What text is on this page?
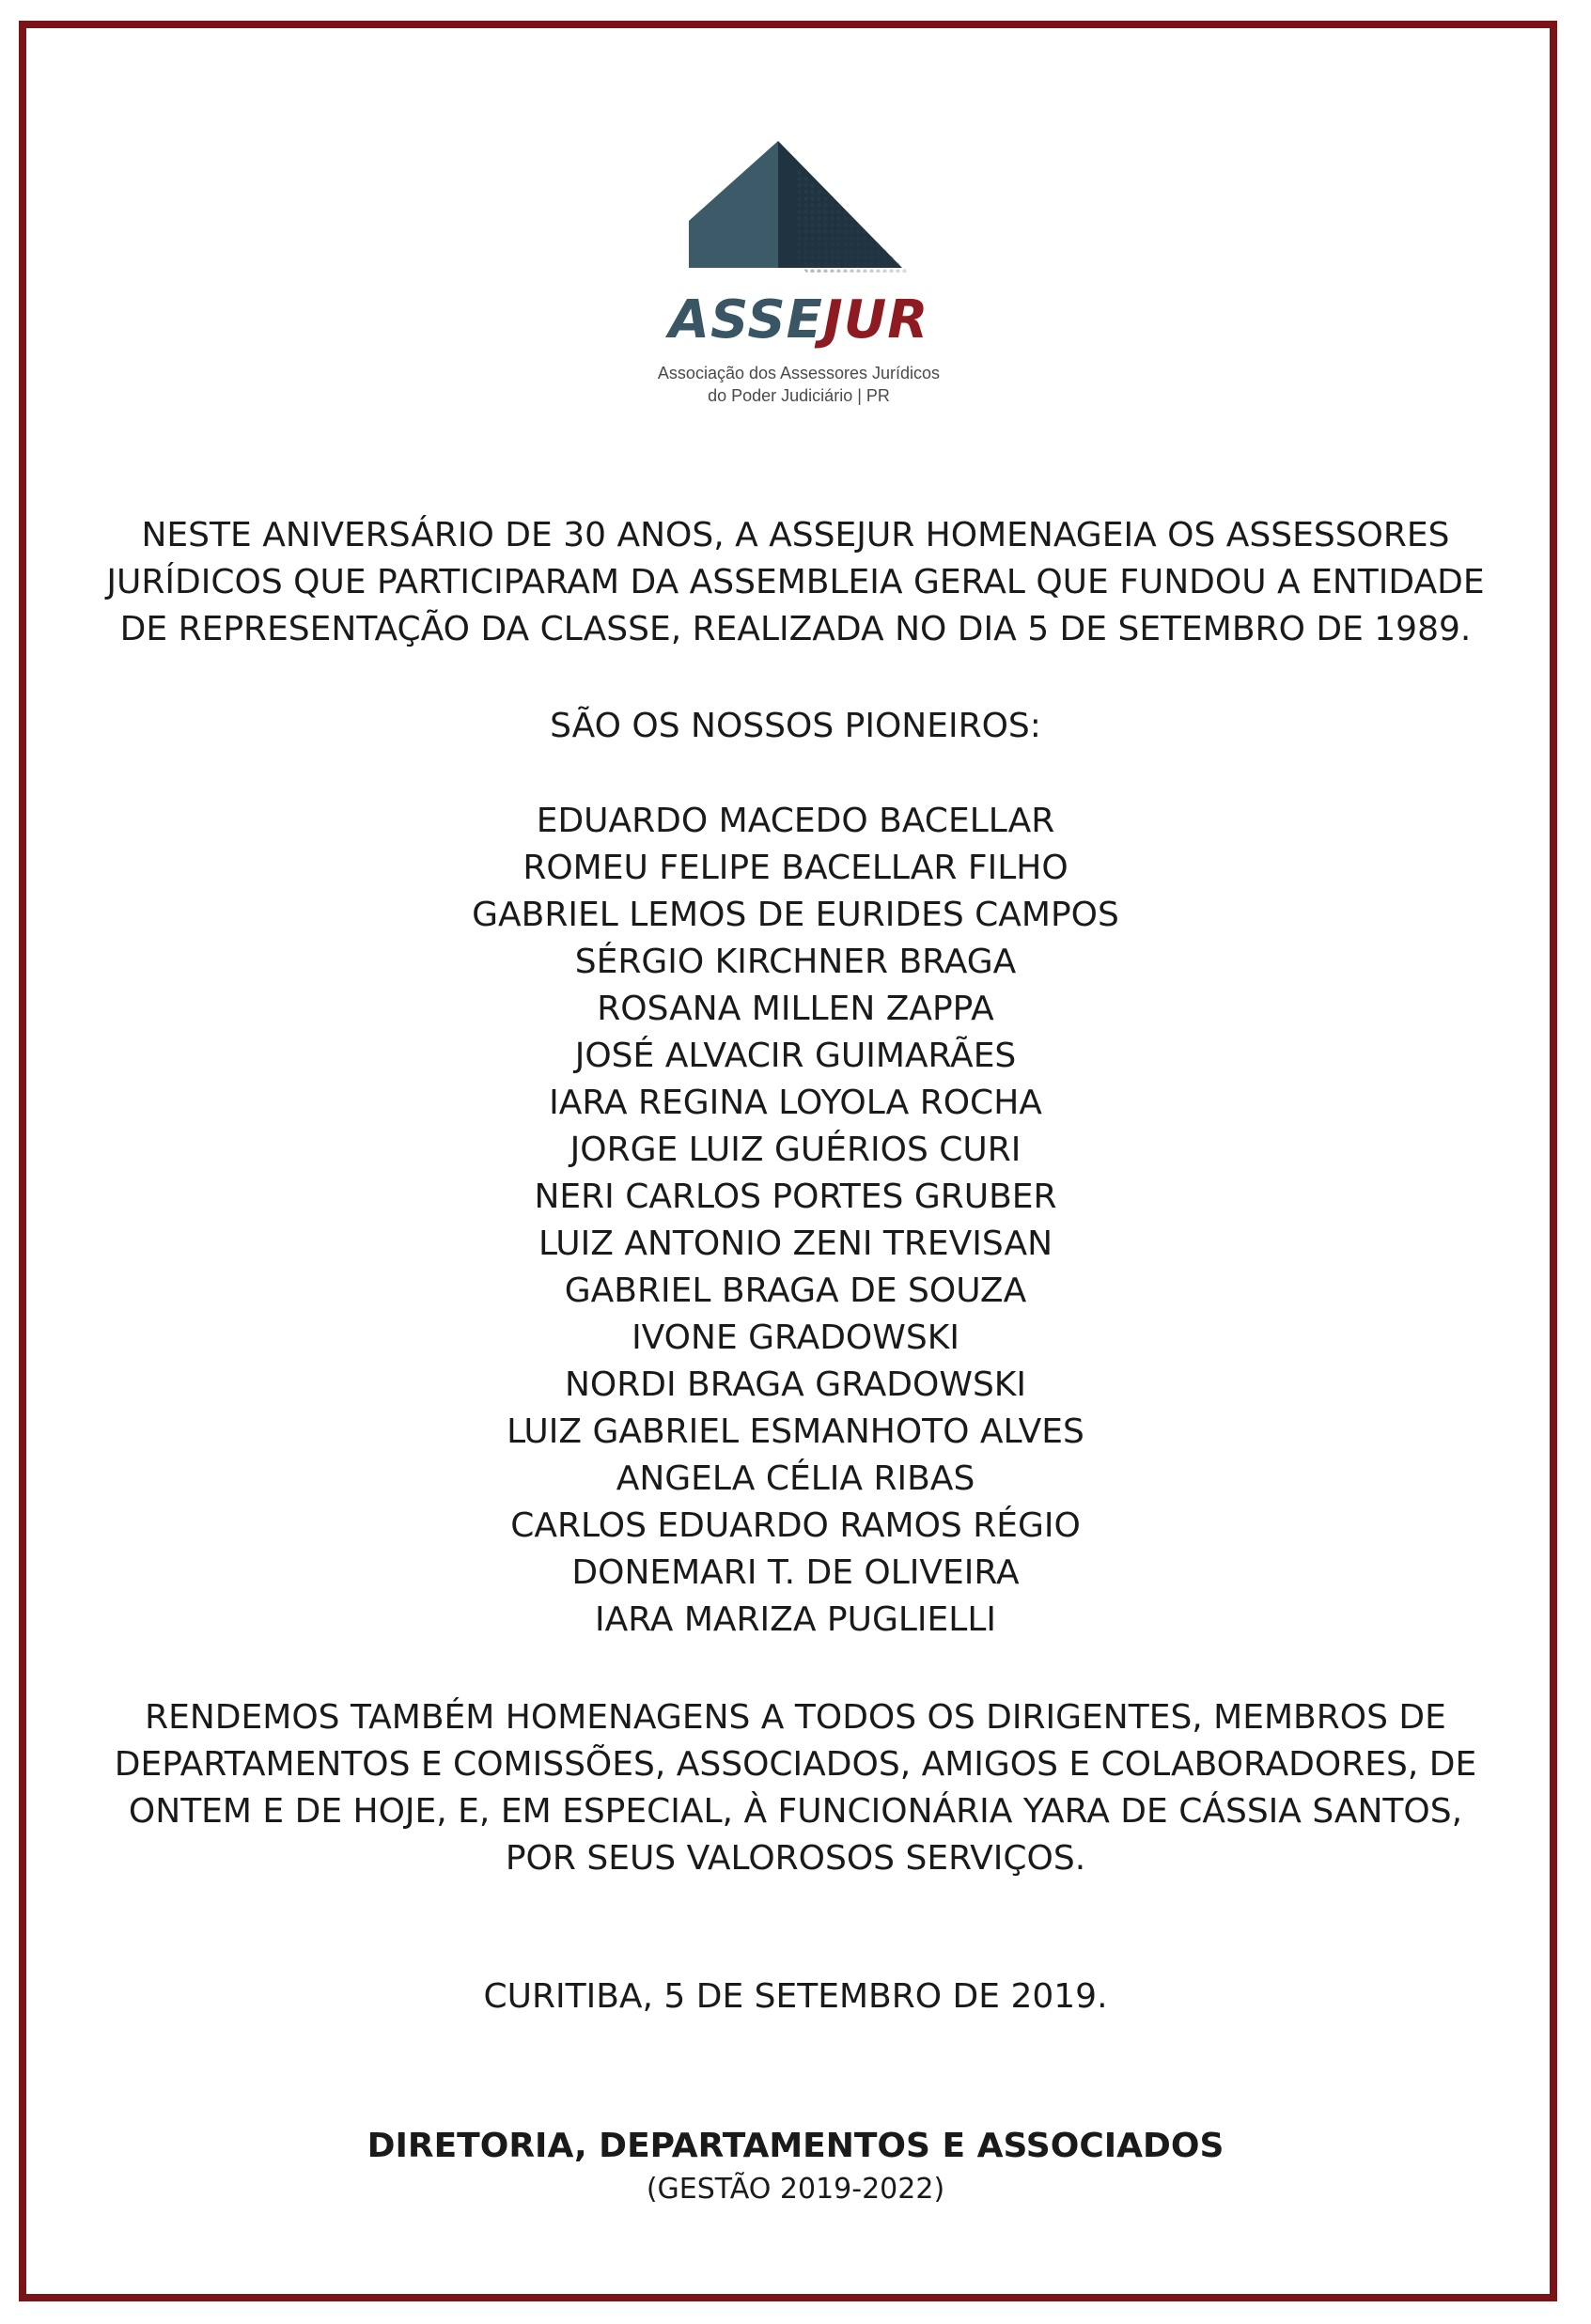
ASSEJUR
Associação dos Assessores Jurídicos
do Poder Judiciário | PR
NESTE ANIVERSÁRIO DE 30 ANOS, A ASSEJUR HOMENAGEIA OS ASSESSORES
JURÍDICOS QUE PARTICIPARAM DA ASSEMBLEIA GERAL QUE FUNDOU A ENTIDADE
DE REPRESENTAÇÃO DA CLASSE, REALIZADA NO DIA 5 DE SETEMBRO DE 1989.
SÃO OS NOSSOS PIONEIROS:
EDUARDO MACEDO BACELLAR
ROMEU FELIPE BACELLAR FILHO
GABRIEL LEMOS DE EURIDES CAMPOS
SÉRGIO KIRCHNER BRAGA
ROSANA MILLEN ZAPPA
JOSÉ ALVACIR GUIMARÃES
IARA REGINA LOYOLA ROCHA
JORGE LUIZ GUÉRIOS CURI
NERI CARLOS PORTES GRUBER
LUIZ ANTONIO ZENI TREVISAN
GABRIEL BRAGA DE SOUZA
IVONE GRADOWSKI
NORDI BRAGA GRADOWSKI
LUIZ GABRIEL ESMANHOTO ALVES
ANGELA CÉLIA RIBAS
CARLOS EDUARDO RAMOS RÉGIO
DONEMARI T. DE OLIVEIRA
IARA MARIZA PUGLIELLI
RENDEMOS TAMBÉM HOMENAGENS A TODOS OS DIRIGENTES, MEMBROS DE
DEPARTAMENTOS E COMISSÕES, ASSOCIADOS, AMIGOS E COLABORADORES, DE
ONTEM E DE HOJE, E, EM ESPECIAL, À FUNCIONÁRIA YARA DE CÁSSIA SANTOS,
POR SEUS VALOROSOS SERVIÇOS.
CURITIBA, 5 DE SETEMBRO DE 2019.
DIRETORIA, DEPARTAMENTOS E ASSOCIADOS
(GESTÃO 2019-2022)
